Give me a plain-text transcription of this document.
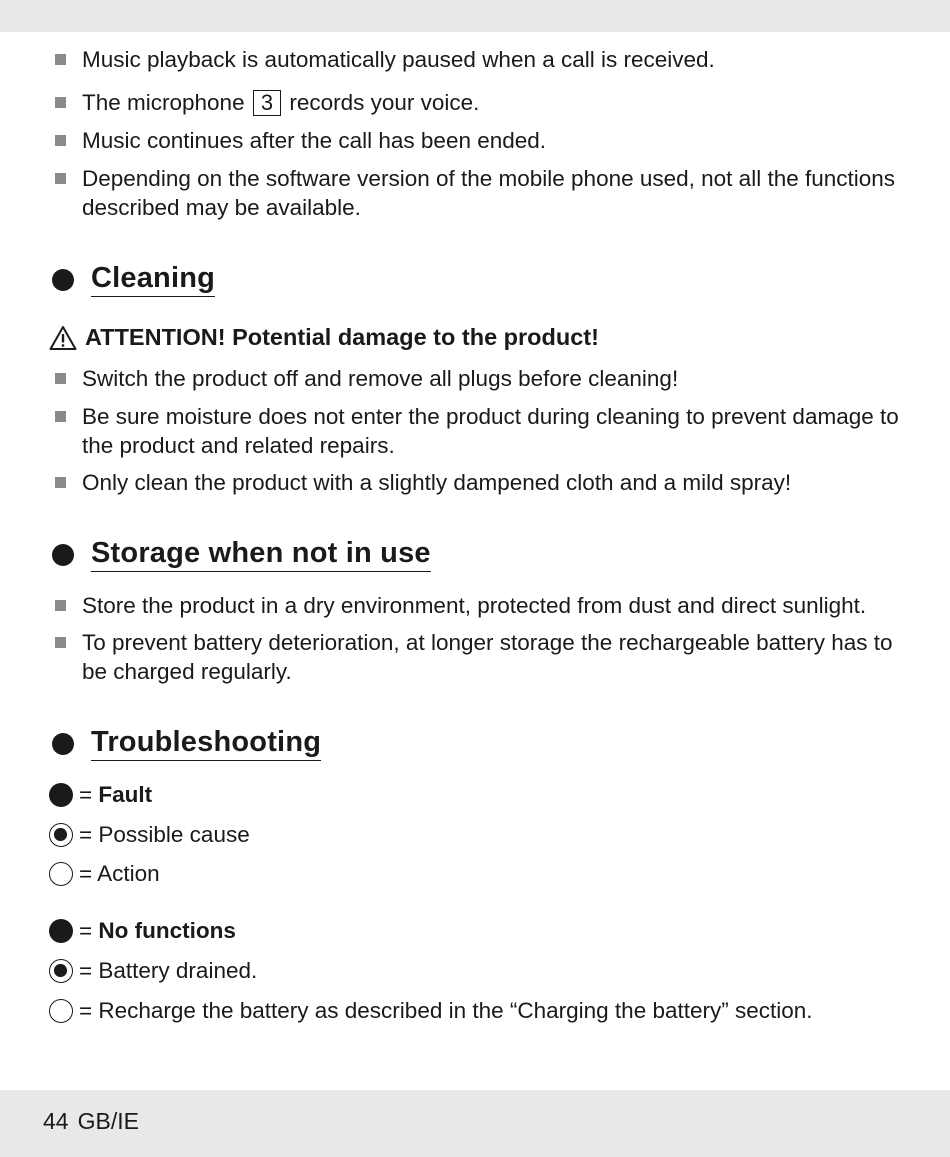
Music playback is automatically paused when a call is received.
The microphone 3 records your voice.
Music continues after the call has been ended.
Depending on the software version of the mobile phone used, not all the functions described may be available.
Cleaning
ATTENTION! Potential damage to the product!
Switch the product off and remove all plugs before cleaning!
Be sure moisture does not enter the product during cleaning to prevent damage to the product and related repairs.
Only clean the product with a slightly dampened cloth and a mild spray!
Storage when not in use
Store the product in a dry environment, protected from dust and direct sunlight.
To prevent battery deterioration, at longer storage the rechargeable battery has to be charged regularly.
Troubleshooting
=
Fault
= Possible cause
= Action
=
No functions
= Battery drained.
= Recharge the battery as described in the “Charging the battery” section.
44 GB/IE
